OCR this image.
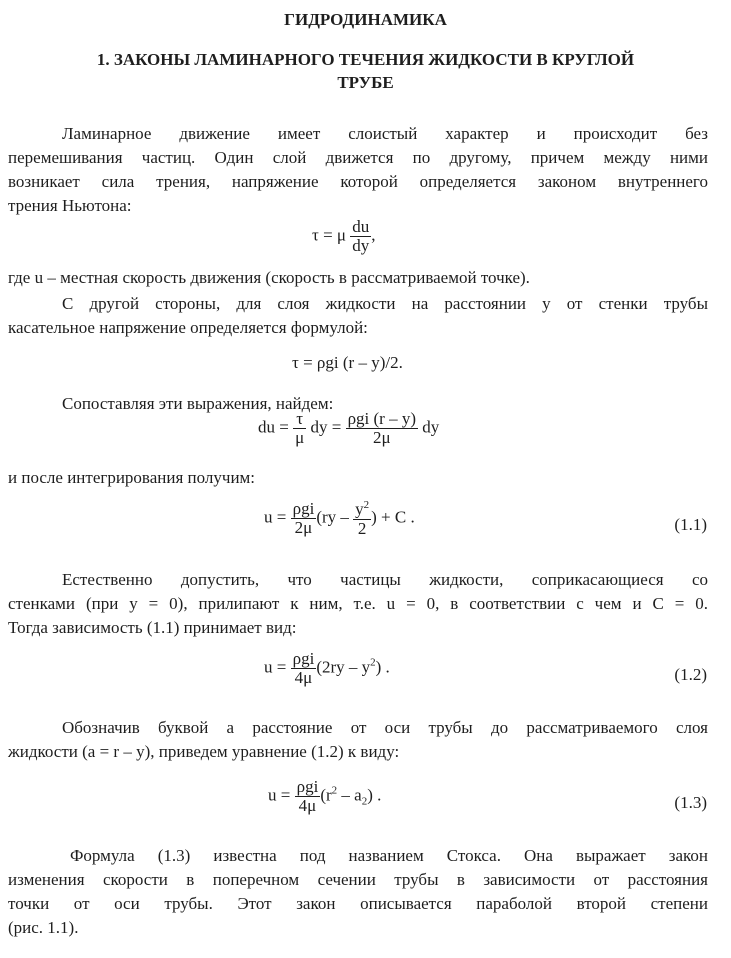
ГИДРОДИНАМИКА
1. ЗАКОНЫ ЛАМИНАРНОГО ТЕЧЕНИЯ ЖИДКОСТИ В КРУГЛОЙ
ТРУБЕ
Ламинарное движение имеет слоистый характер и происходит без
перемешивания частиц. Один слой движется по другому, причем между ними
возникает сила трения, напряжение которой определяется законом внутреннего
трения Ньютона:
τ = μ $\frac{du}{dy}$ ,
где u – местная скорость движения (скорость в рассматриваемой точке).
С другой стороны, для слоя жидкости на расстоянии y от стенки трубы
касательное напряжение определяется формулой:
τ = ρgi (r – y)/2.
Сопоставляя эти выражения, найдем:
du = $\frac{\tau}{\mu}$ dy = $\frac{\text{ρgi (r – y)}}{2\mu}$ dy
и после интегрирования получим:
$u = \frac{\text{ρgi}}{2\mu} (ry - \frac{y^2}{2}$ ) + C .	(1.1)
Естественно допустить, что частицы жидкости, соприкасающиеся со
стенками (при y = 0), прилипают к ним, т.е. u = 0, в соответствии с чем и C = 0.
Тогда зависимость (1.1) принимает вид:
$u = \frac{\text{ρgi}}{4\mu} (2ry - y^2)$ .	(1.2)
Обозначив буквой a расстояние от оси трубы до рассматриваемого слоя
жидкости (a = r – y), приведем уравнение (1.2) к виду:
$u = \frac{\text{ρgi}}{4\mu} (r^2 - a_2)$ .	(1.3)
Формула (1.3) известна под названием Стокса. Она выражает закон
изменения скорости в поперечном сечении трубы в зависимости от расстояния
точки от оси трубы. Этот закон описывается параболой второй степени
(рис. 1.1).
